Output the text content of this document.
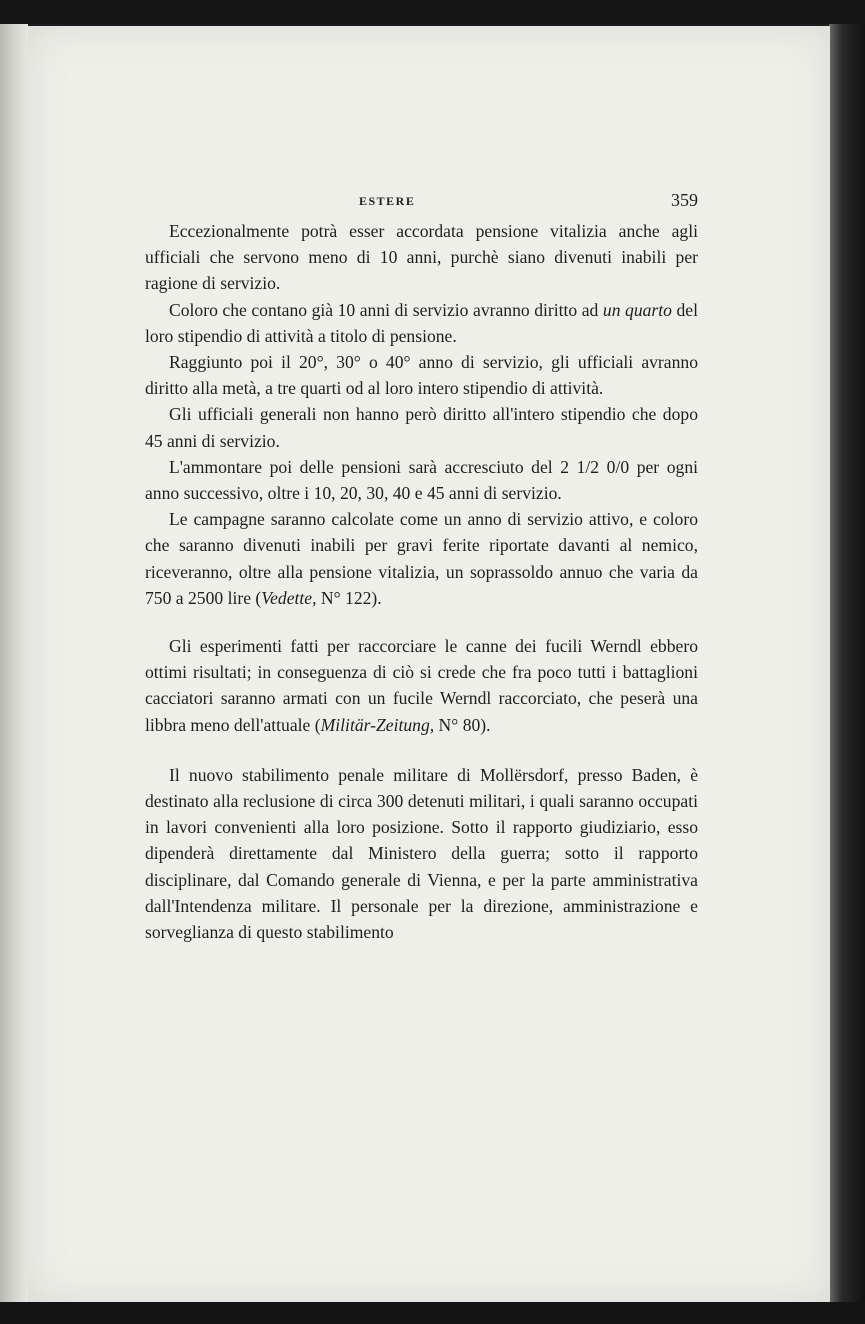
ESTERE	359

Eccezionalmente potrà esser accordata pensione vitalizia anche agli ufficiali che servono meno di 10 anni, purchè siano divenuti inabili per ragione di servizio.

Coloro che contano già 10 anni di servizio avranno diritto ad un quarto del loro stipendio di attività a titolo di pensione.

Raggiunto poi il 20°, 30° o 40° anno di servizio, gli ufficiali avranno diritto alla metà, a tre quarti od al loro intero stipendio di attività.

Gli ufficiali generali non hanno però diritto all'intero stipendio che dopo 45 anni di servizio.

L'ammontare poi delle pensioni sarà accresciuto del 2 1/2 0/0 per ogni anno successivo, oltre i 10, 20, 30, 40 e 45 anni di servizio.

Le campagne saranno calcolate come un anno di servizio attivo, e coloro che saranno divenuti inabili per gravi ferite riportate davanti al nemico, riceveranno, oltre alla pensione vitalizia, un soprassoldo annuo che varia da 750 a 2500 lire (Vedette, N° 122).

Gli esperimenti fatti per raccorciare le canne dei fucili Werndl ebbero ottimi risultati; in conseguenza di ciò si crede che fra poco tutti i battaglioni cacciatori saranno armati con un fucile Werndl raccorciato, che peserà una libbra meno dell'attuale (Militär-Zeitung, N° 80).

Il nuovo stabilimento penale militare di Mollërsdorf, presso Baden, è destinato alla reclusione di circa 300 detenuti militari, i quali saranno occupati in lavori convenienti alla loro posizione. Sotto il rapporto giudiziario, esso dipenderà direttamente dal Ministero della guerra; sotto il rapporto disciplinare, dal Comando generale di Vienna, e per la parte amministrativa dall'Intendenza militare. Il personale per la direzione, amministrazione e sorveglianza di questo stabilimento
